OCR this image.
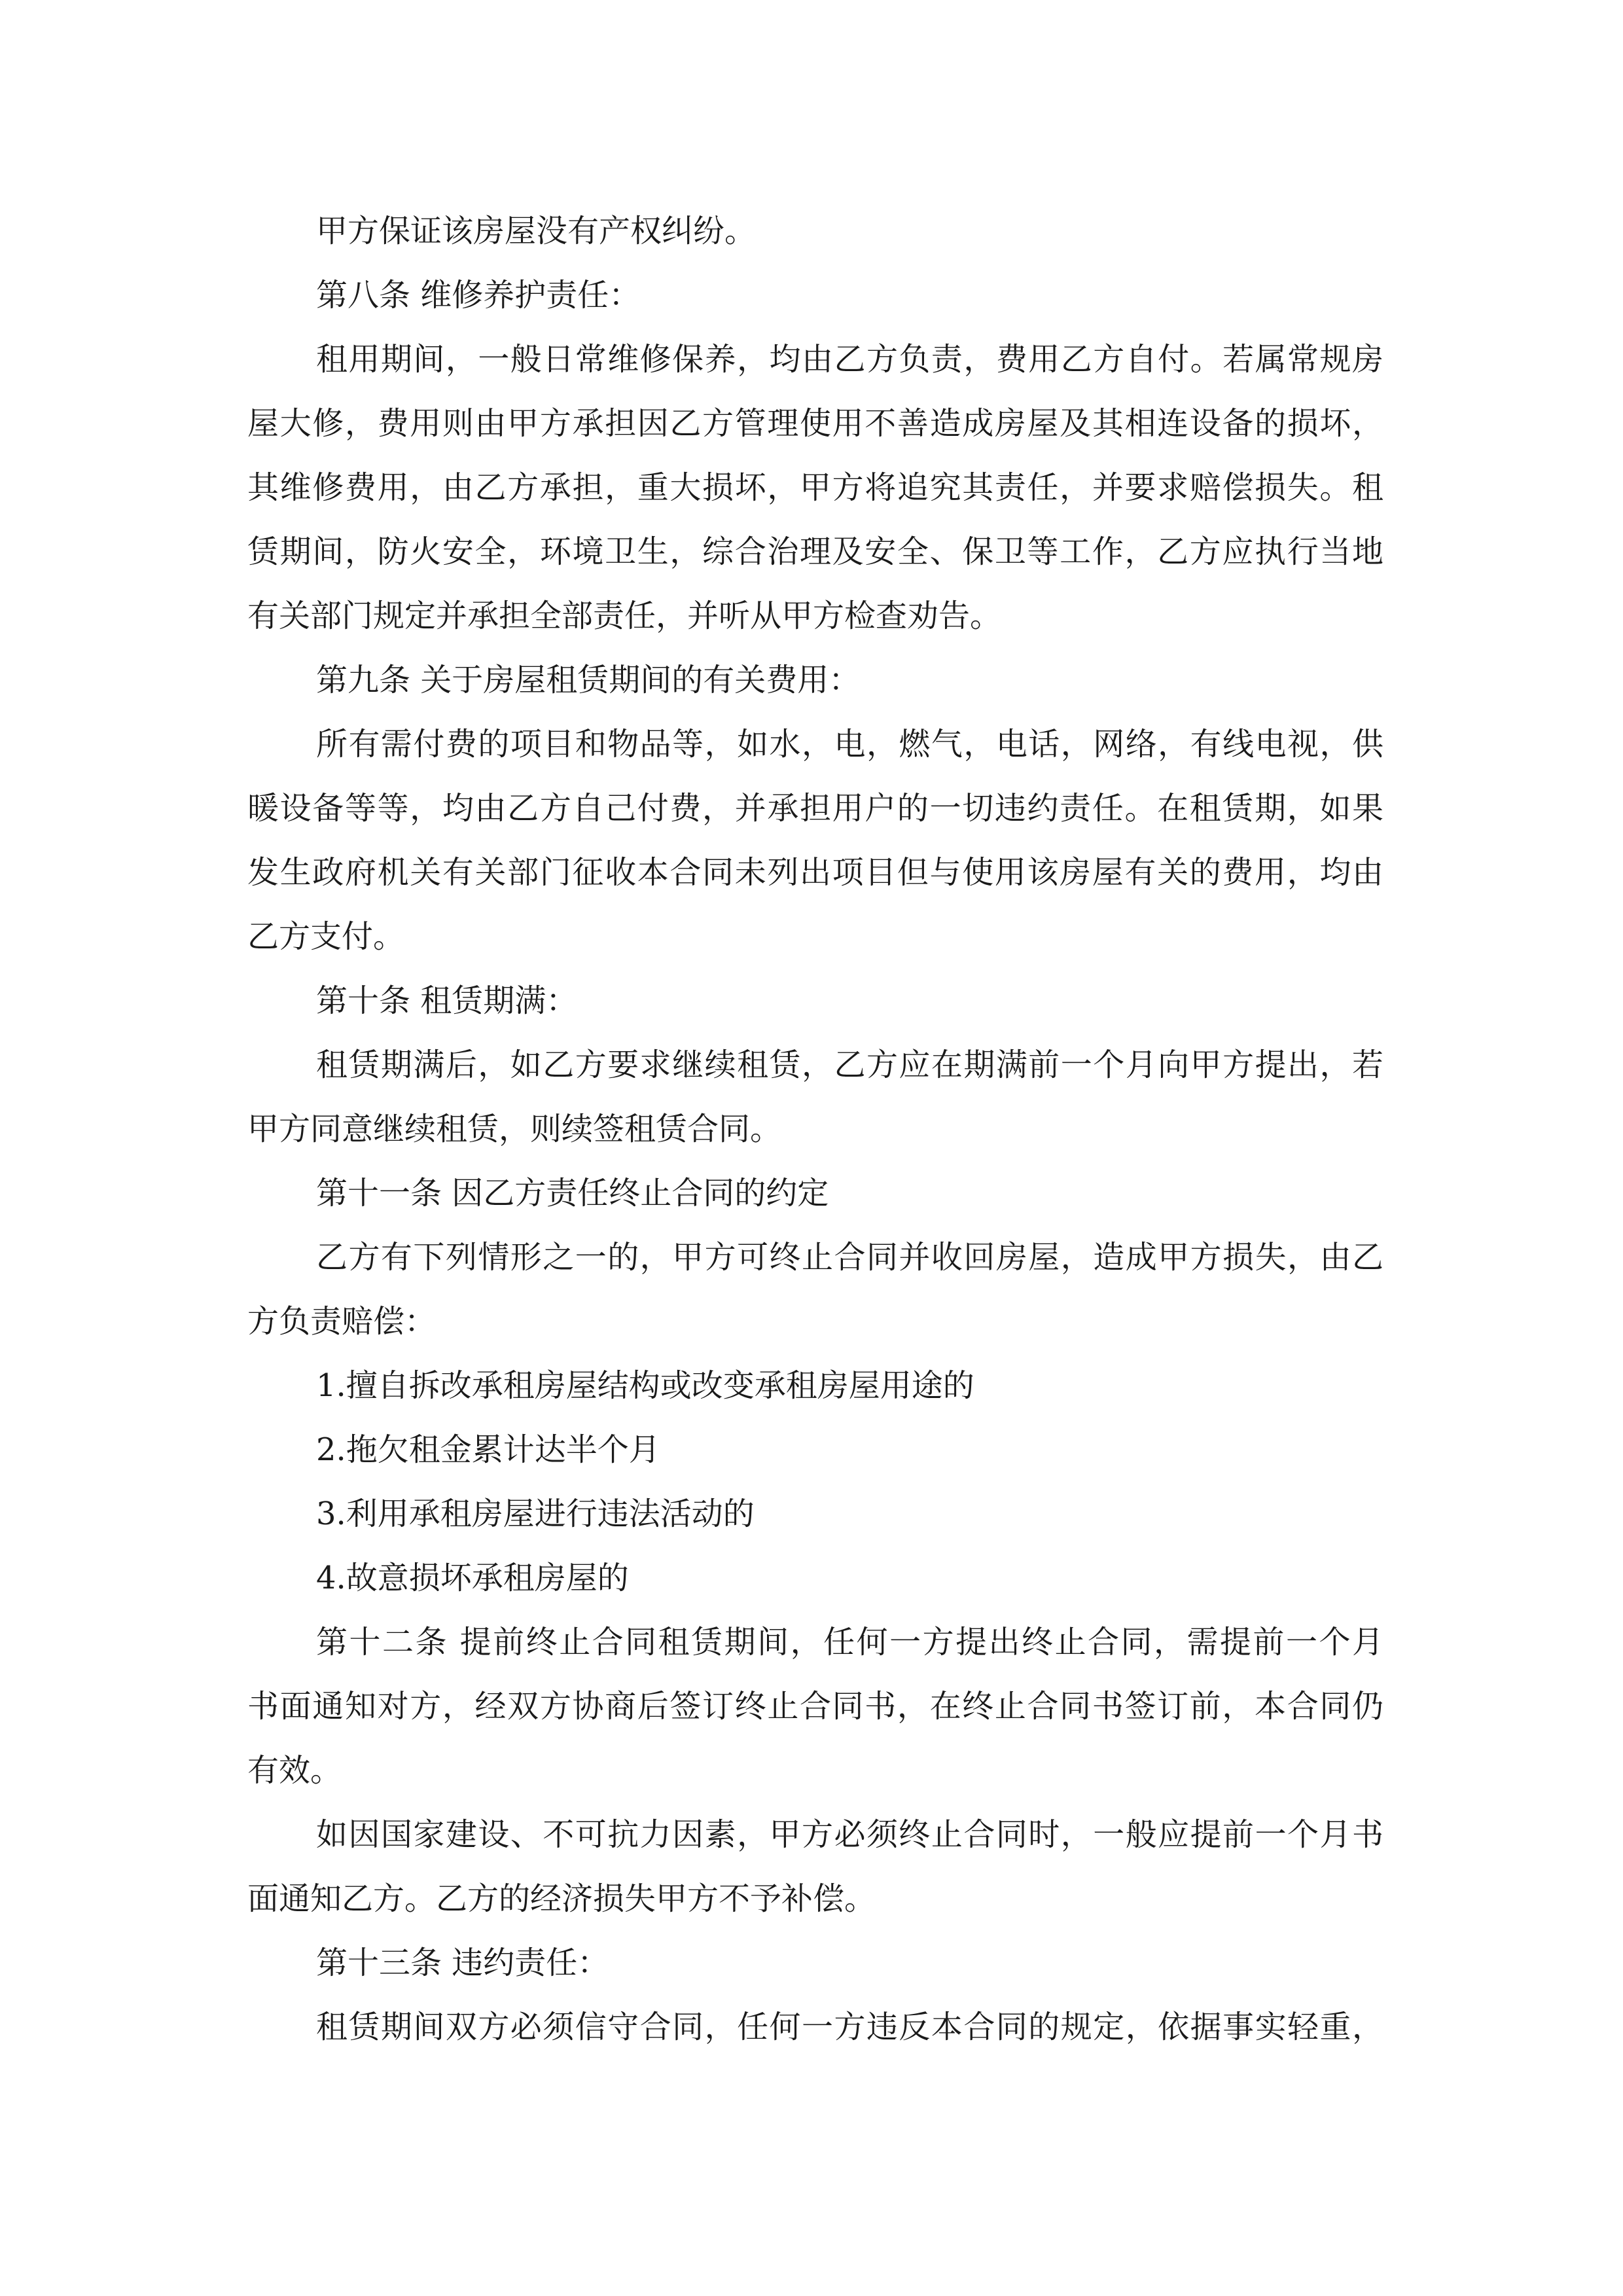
甲方保证该房屋没有产权纠纷。
第八条 维修养护责任：
租用期间，一般日常维修保养，均由乙方负责，费用乙方自付。若属常规房
屋大修，费用则由甲方承担因乙方管理使用不善造成房屋及其相连设备的损坏，
其维修费用，由乙方承担，重大损坏，甲方将追究其责任，并要求赔偿损失。租
赁期间，防火安全，环境卫生，综合治理及安全、保卫等工作，乙方应执行当地
有关部门规定并承担全部责任，并听从甲方检查劝告。
第九条 关于房屋租赁期间的有关费用：
所有需付费的项目和物品等，如水，电，燃气，电话，网络，有线电视，供
暖设备等等，均由乙方自己付费，并承担用户的一切违约责任。在租赁期，如果
发生政府机关有关部门征收本合同未列出项目但与使用该房屋有关的费用，均由
乙方支付。
第十条 租赁期满：
租赁期满后，如乙方要求继续租赁，乙方应在期满前一个月向甲方提出，若
甲方同意继续租赁，则续签租赁合同。
第十一条 因乙方责任终止合同的约定
乙方有下列情形之一的，甲方可终止合同并收回房屋，造成甲方损失，由乙
方负责赔偿：
1.擅自拆改承租房屋结构或改变承租房屋用途的
2.拖欠租金累计达半个月
3.利用承租房屋进行违法活动的
4.故意损坏承租房屋的
第十二条 提前终止合同租赁期间，任何一方提出终止合同，需提前一个月
书面通知对方，经双方协商后签订终止合同书，在终止合同书签订前，本合同仍
有效。
如因国家建设、不可抗力因素，甲方必须终止合同时，一般应提前一个月书
面通知乙方。乙方的经济损失甲方不予补偿。
第十三条 违约责任：
租赁期间双方必须信守合同，任何一方违反本合同的规定，依据事实轻重，
